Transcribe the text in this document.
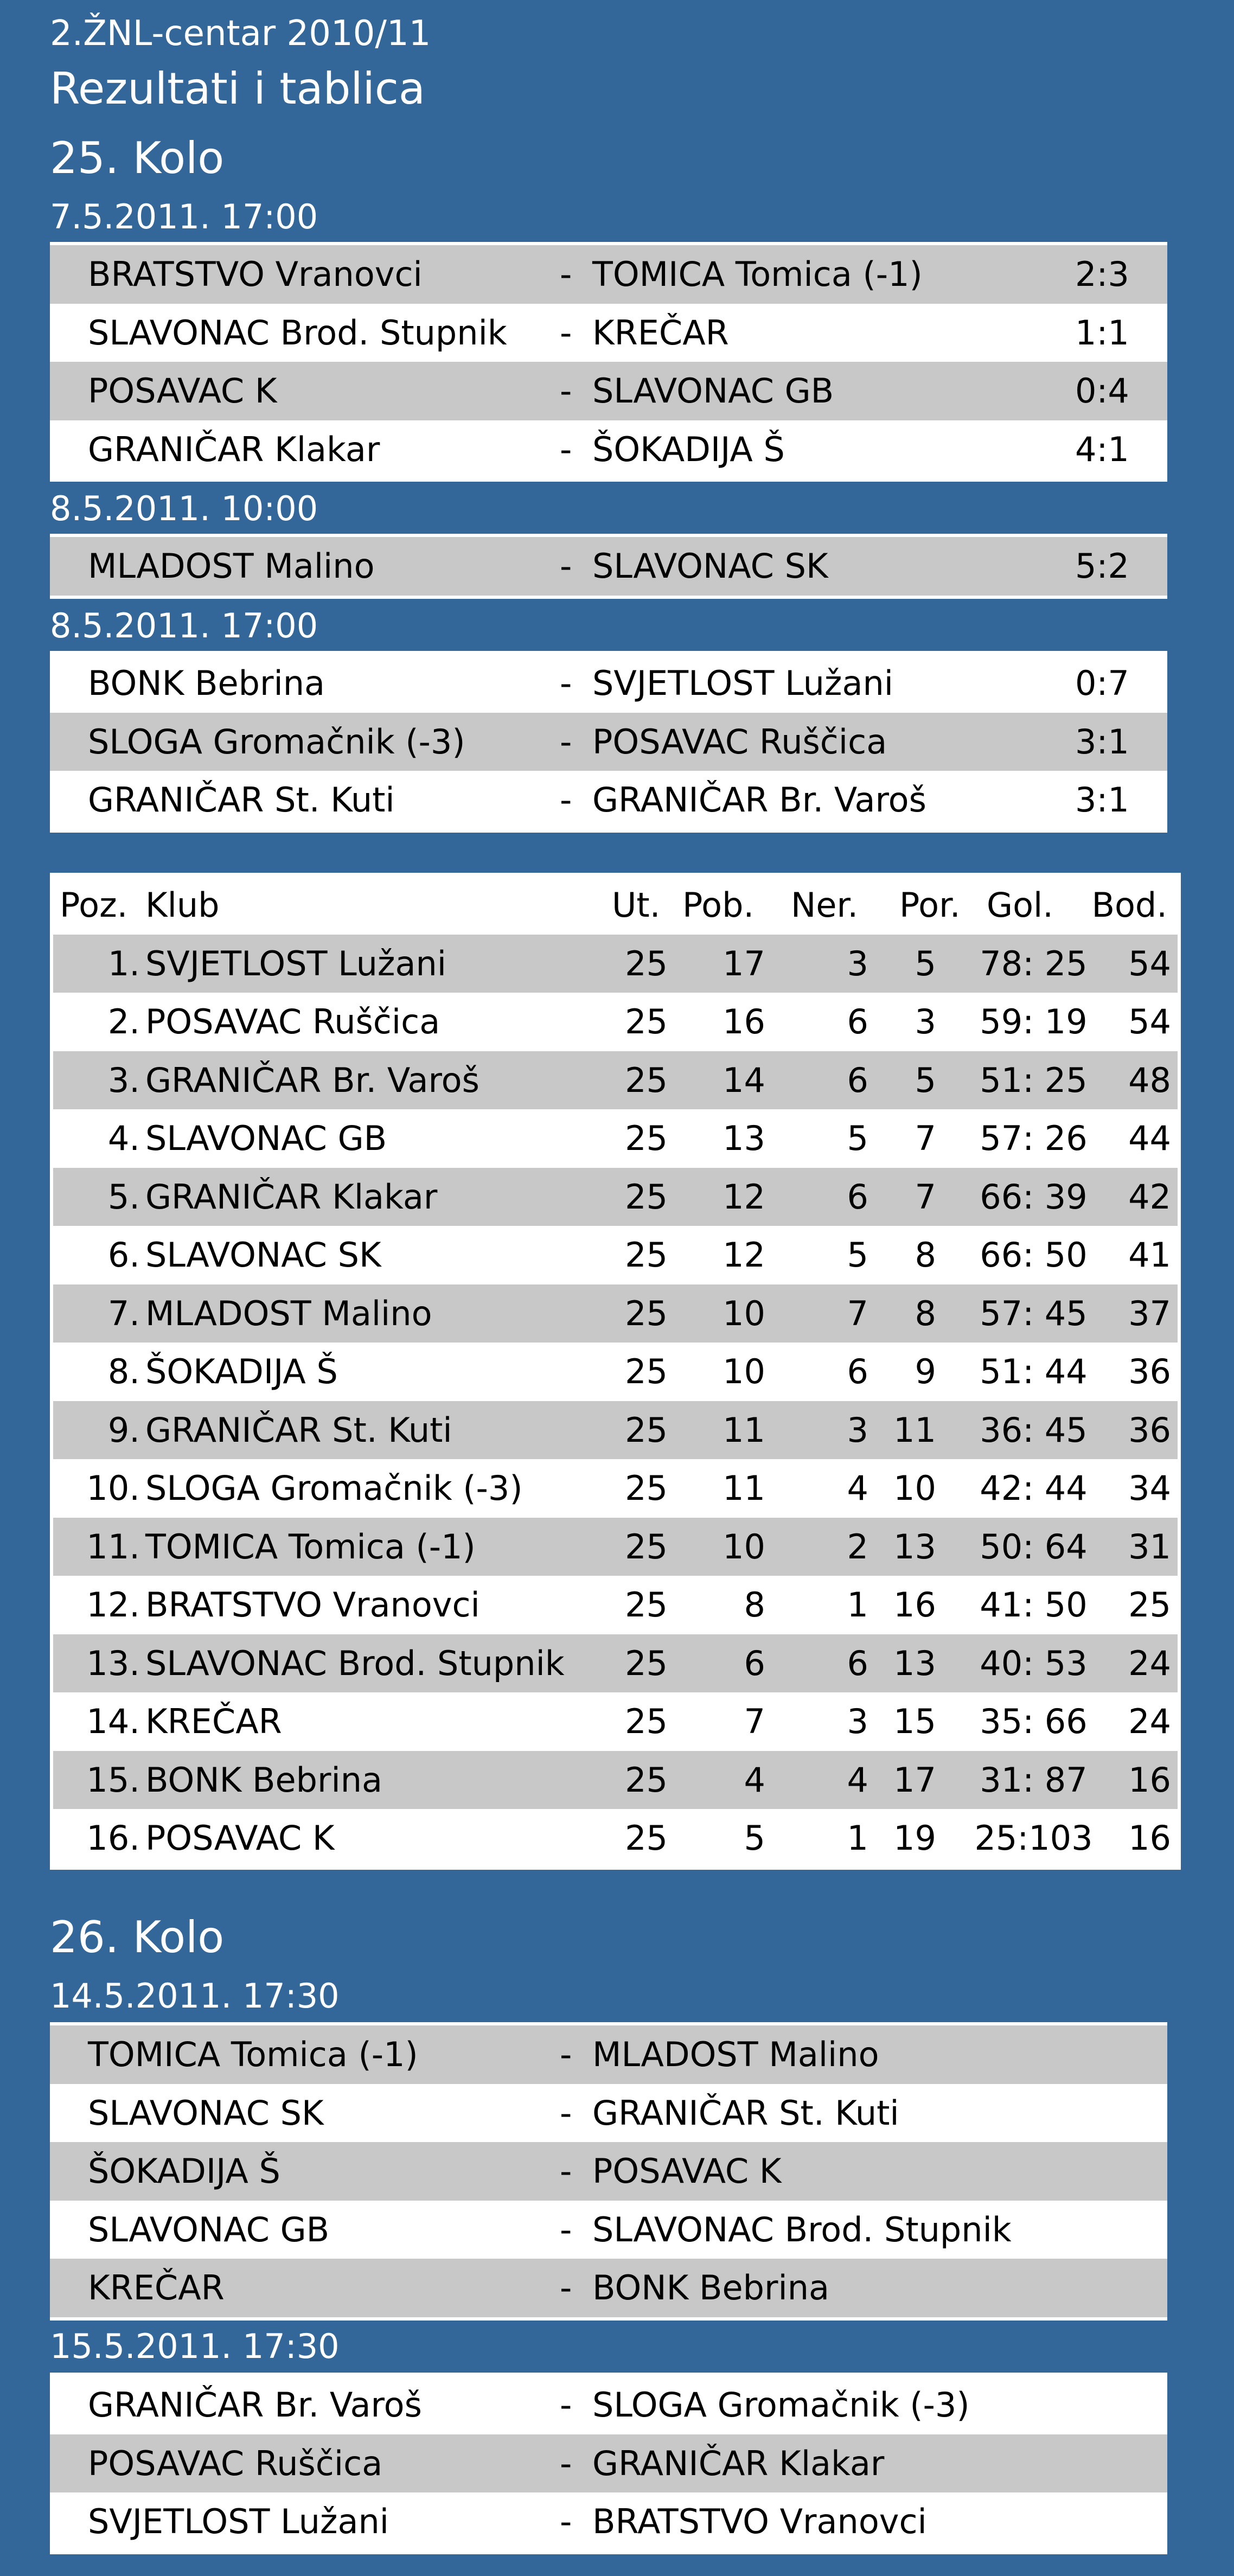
2.ŽNL-centar 2010/11
Rezultati i tablica
25. Kolo
7.5.2011. 17:00
BRATSTVO Vranovci	- TOMICA Tomica (-1)	2:3
SLAVONAC Brod. Stupnik - KREČAR	1:1
POSAVAC K	- SLAVONAC GB	0:4
GRANIČAR Klakar	- ŠOKADIJA Š	4:1
8.5.2011. 10:00
MLADOST Malino	- SLAVONAC SK	5:2
8.5.2011. 17:00
BONK Bebrina	- SVJETLOST Lužani	0:7
SLOGA Gromačnik (-3)	- POSAVAC Ruščica	3:1
GRANIČAR St. Kuti	- GRANIČAR Br. Varoš	3:1
Poz. Klub	Ut. Pob. Ner. Por. Gol.	Bod.
1. SVJETLOST Lužani	25 17 3 5	78: 25	54
2. POSAVAC Ruščica	25 16 6 3	59: 19	54
3. GRANIČAR Br. Varoš	25 14 6 5	51: 25	48
4. SLAVONAC GB	25 13 5 7	57: 26	44
5. GRANIČAR Klakar	25 12 6 7	66: 39	42
6. SLAVONAC SK	25 12 5 8	66: 50	41
7. MLADOST Malino	25 10 7 8	57: 45	37
8. ŠOKADIJA Š	25 10 6 9	51: 44	36
9. GRANIČAR St. Kuti	25 11 3 11	36: 45	36
10. SLOGA Gromačnik (-3)	25 11 4 10	42: 44	34
11. TOMICA Tomica (-1)	25 10 2 13	50: 64	31
12. BRATSTVO Vranovci	25 8 1 16	41: 50	25
13. SLAVONAC Brod. Stupnik 25 6 6 13	40: 53	24
14. KREČAR	25 7 3 15	35: 66	24
15. BONK Bebrina	25 4 4 17	31: 87	16
16. POSAVAC K	25 5 1 19	25:103	16
26. Kolo
14.5.2011. 17:30
TOMICA Tomica (-1)	- MLADOST Malino
SLAVONAC SK	- GRANIČAR St. Kuti
ŠOKADIJA Š	- POSAVAC K
SLAVONAC GB	- SLAVONAC Brod. Stupnik
KREČAR	- BONK Bebrina
15.5.2011. 17:30
GRANIČAR Br. Varoš	- SLOGA Gromačnik (-3)
POSAVAC Ruščica	- GRANIČAR Klakar
SVJETLOST Lužani	- BRATSTVO Vranovci
